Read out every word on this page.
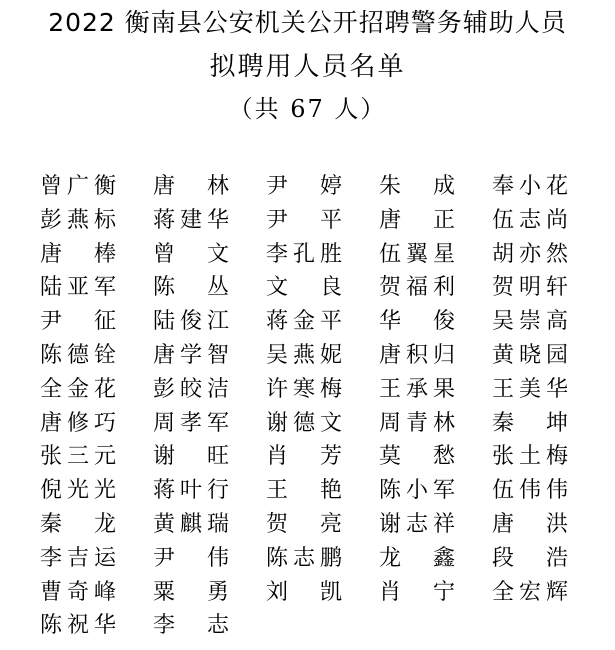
2022 衡南县公安机关公开招聘警务辅助人员
拟聘用人员名单
（共 67 人）
曾 广 衡 唐 林 尹 婷 朱 成 奉 小 花
彭 燕 标 蒋 建 华 尹 平 唐 正 伍 志 尚
唐 棒 曾 文 李 孔 胜 伍 翼 星 胡 亦 然
陆 亚 军 陈 丛 文 良 贺 福 利 贺 明 轩
尹 征 陆 俊 江 蒋 金 平 华 俊 吴 崇 高
陈 德 铨 唐 学 智 吴 燕 妮 唐 积 归 黄 晓 园
全 金 花 彭 皎 洁 许 寒 梅 王 承 果 王 美 华
唐 修 巧 周 孝 军 谢 德 文 周 青 林 秦 坤
张 三 元 谢 旺 肖 芳 莫 愁 张 土 梅
倪 光 光 蒋 叶 行 王 艳 陈 小 军 伍 伟 伟
秦 龙 黄 麒 瑞 贺 亮 谢 志 祥 唐 洪
李 吉 运 尹 伟 陈 志 鹏 龙 鑫 段 浩
曹 奇 峰 粟 勇 刘 凯 肖 宁 全 宏 辉
陈 祝 华 李 志
